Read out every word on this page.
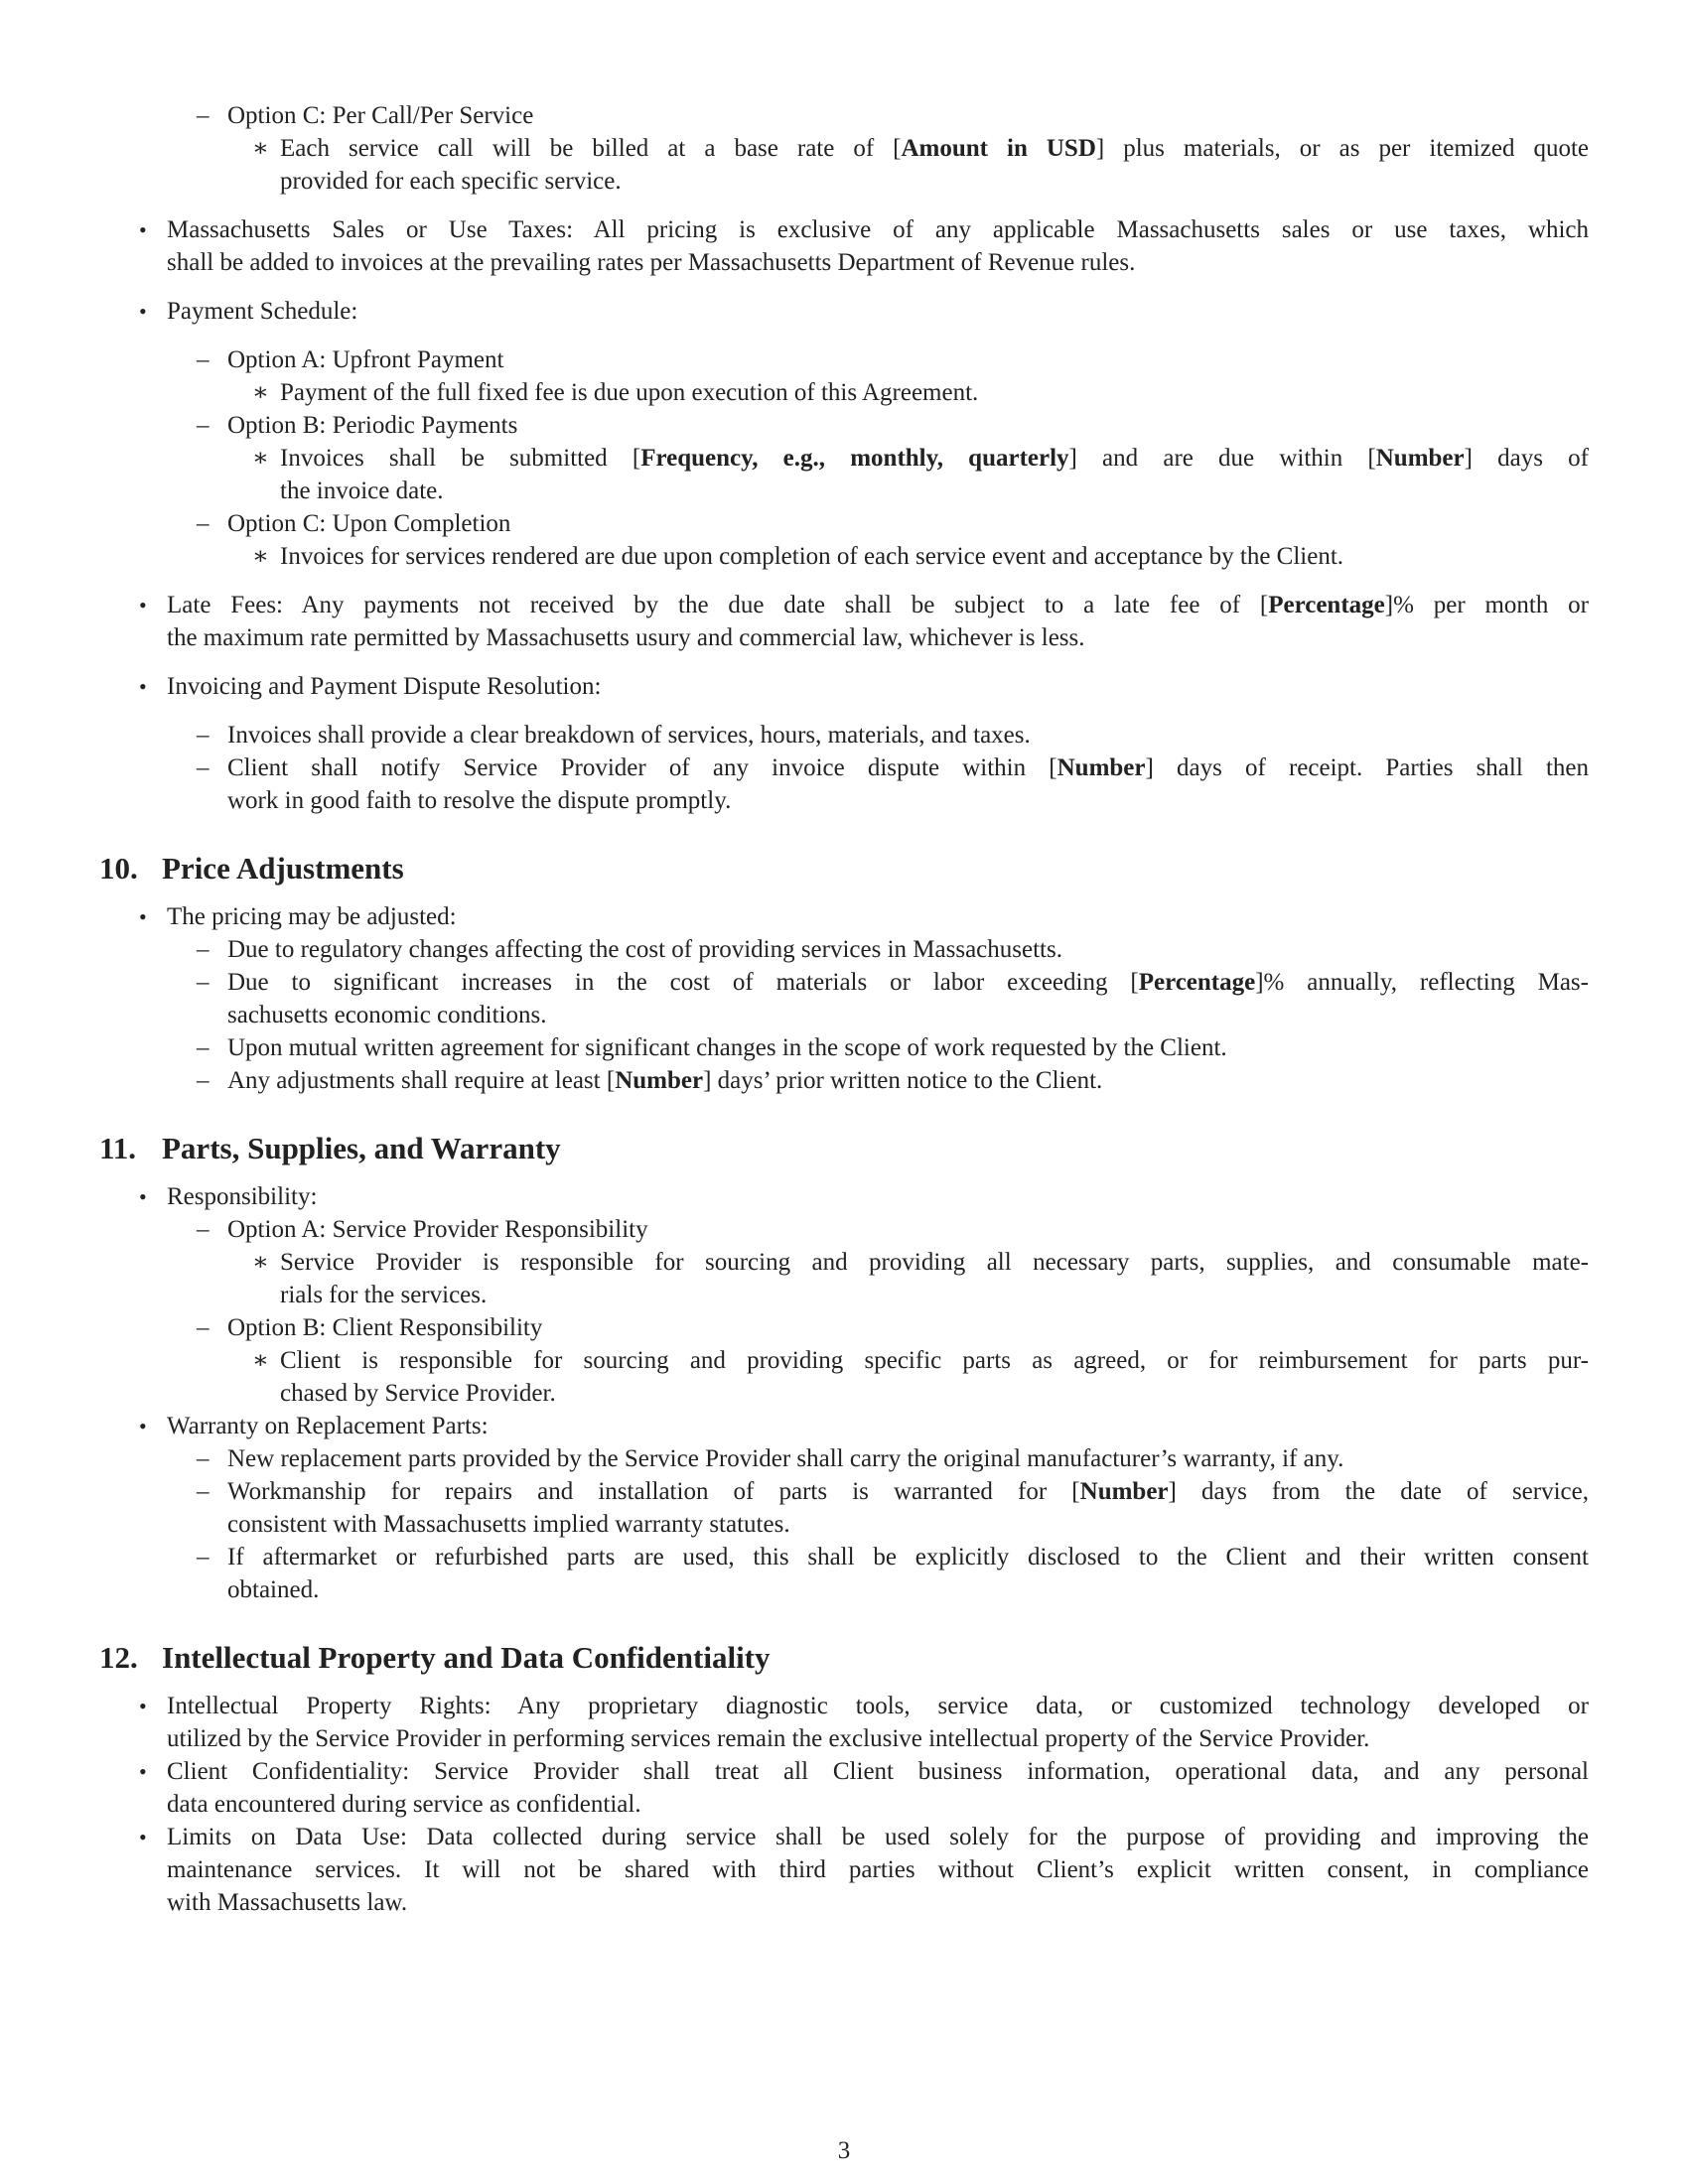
– Option C: Per Call/Per Service
∗ Each service call will be billed at a base rate of [Amount in USD] plus materials, or as per itemized quote
provided for each specific service.
• Massachusetts Sales or Use Taxes: All pricing is exclusive of any applicable Massachusetts sales or use taxes, which
shall be added to invoices at the prevailing rates per Massachusetts Department of Revenue rules.
• Payment Schedule:
– Option A: Upfront Payment
∗ Payment of the full fixed fee is due upon execution of this Agreement.
– Option B: Periodic Payments
∗ Invoices shall be submitted [Frequency, e.g., monthly, quarterly] and are due within [Number] days of
the invoice date.
– Option C: Upon Completion
∗ Invoices for services rendered are due upon completion of each service event and acceptance by the Client.
• Late Fees: Any payments not received by the due date shall be subject to a late fee of [Percentage]% per month or
the maximum rate permitted by Massachusetts usury and commercial law, whichever is less.
• Invoicing and Payment Dispute Resolution:
– Invoices shall provide a clear breakdown of services, hours, materials, and taxes.
– Client shall notify Service Provider of any invoice dispute within [Number] days of receipt. Parties shall then
work in good faith to resolve the dispute promptly.
10. Price Adjustments
• The pricing may be adjusted:
– Due to regulatory changes affecting the cost of providing services in Massachusetts.
– Due to significant increases in the cost of materials or labor exceeding [Percentage]% annually, reflecting Mas-
sachusetts economic conditions.
– Upon mutual written agreement for significant changes in the scope of work requested by the Client.
– Any adjustments shall require at least [Number] days’ prior written notice to the Client.
11. Parts, Supplies, and Warranty
• Responsibility:
– Option A: Service Provider Responsibility
∗ Service Provider is responsible for sourcing and providing all necessary parts, supplies, and consumable mate-
rials for the services.
– Option B: Client Responsibility
∗ Client is responsible for sourcing and providing specific parts as agreed, or for reimbursement for parts pur-
chased by Service Provider.
• Warranty on Replacement Parts:
– New replacement parts provided by the Service Provider shall carry the original manufacturer’s warranty, if any.
– Workmanship for repairs and installation of parts is warranted for [Number] days from the date of service,
consistent with Massachusetts implied warranty statutes.
– If aftermarket or refurbished parts are used, this shall be explicitly disclosed to the Client and their written consent
obtained.
12. Intellectual Property and Data Confidentiality
• Intellectual Property Rights: Any proprietary diagnostic tools, service data, or customized technology developed or
utilized by the Service Provider in performing services remain the exclusive intellectual property of the Service Provider.
• Client Confidentiality: Service Provider shall treat all Client business information, operational data, and any personal
data encountered during service as confidential.
• Limits on Data Use: Data collected during service shall be used solely for the purpose of providing and improving the
maintenance services. It will not be shared with third parties without Client’s explicit written consent, in compliance
with Massachusetts law.
3
